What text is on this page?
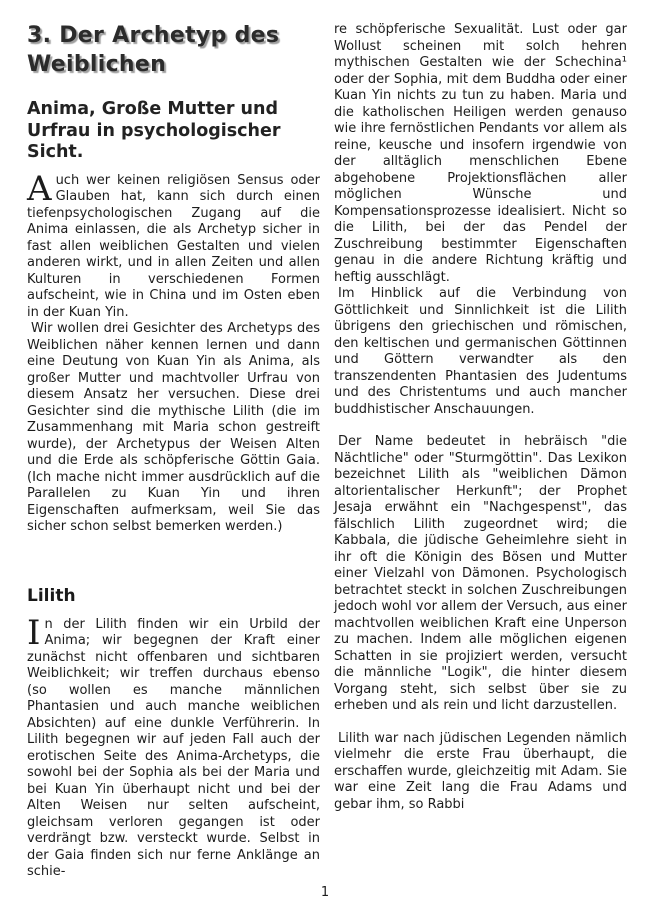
3. Der Archetyp des Weiblichen
Anima, Große Mutter und Urfrau in psychologischer Sicht.

Auch wer keinen religiösen Sensus oder Glauben hat, kann sich durch einen tiefenpsychologischen Zugang auf die Anima einlassen, die als Archetyp sicher in fast allen weiblichen Gestalten und vielen anderen wirkt, und in allen Zeiten und allen Kulturen in verschiedenen Formen aufscheint, wie in China und im Osten eben in der Kuan Yin.

Wir wollen drei Gesichter des Archetyps des Weiblichen näher kennen lernen und dann eine Deutung von Kuan Yin als Anima, als großer Mutter und machtvoller Urfrau von diesem Ansatz her versuchen. Diese drei Gesichter sind die mythische Lilith (die im Zusammenhang mit Maria schon gestreift wurde), der Archetypus der Weisen Alten und die Erde als schöpferische Göttin Gaia. (Ich mache nicht immer ausdrücklich auf die Parallelen zu Kuan Yin und ihren Eigenschaften aufmerksam, weil Sie das sicher schon selbst bemerken werden.)

Lilith

In der Lilith finden wir ein Urbild der Anima; wir begegnen der Kraft einer zunächst nicht offenbaren und sichtbaren Weiblichkeit; wir treffen durchaus ebenso (so wollen es manche männlichen Phantasien und auch manche weiblichen Absichten) auf eine dunkle Verführerin. In Lilith begegnen wir auf jeden Fall auch der erotischen Seite des Anima-Archetyps, die sowohl bei der Sophia als bei der Maria und bei Kuan Yin überhaupt nicht und bei der Alten Weisen nur selten aufscheint, gleichsam verloren gegangen ist oder verdrängt bzw. versteckt wurde. Selbst in der Gaia finden sich nur ferne Anklänge an schie-

re schöpferische Sexualität. Lust oder gar Wollust scheinen mit solch hehren mythischen Gestalten wie der Schechina¹ oder der Sophia, mit dem Buddha oder einer Kuan Yin nichts zu tun zu haben. Maria und die katholischen Heiligen werden genauso wie ihre fernöstlichen Pendants vor allem als reine, keusche und insofern irgendwie von der alltäglich menschlichen Ebene abgehobene Projektionsflächen aller möglichen Wünsche und Kompensationsprozesse idealisiert. Nicht so die Lilith, bei der das Pendel der Zuschreibung bestimmter Eigenschaften genau in die andere Richtung kräftig und heftig ausschlägt.

Im Hinblick auf die Verbindung von Göttlichkeit und Sinnlichkeit ist die Lilith übrigens den griechischen und römischen, den keltischen und germanischen Göttinnen und Göttern verwandter als den transzendenten Phantasien des Judentums und des Christentums und auch mancher buddhistischer Anschauungen.

Der Name bedeutet in hebräisch "die Nächtliche" oder "Sturmgöttin". Das Lexikon bezeichnet Lilith als "weiblichen Dämon altorientalischer Herkunft"; der Prophet Jesaja erwähnt ein "Nachgespenst", das fälschlich Lilith zugeordnet wird; die Kabbala, die jüdische Geheimlehre sieht in ihr oft die Königin des Bösen und Mutter einer Vielzahl von Dämonen. Psychologisch betrachtet steckt in solchen Zuschreibungen jedoch wohl vor allem der Versuch, aus einer machtvollen weiblichen Kraft eine Unperson zu machen. Indem alle möglichen eigenen Schatten in sie projiziert werden, versucht die männliche "Logik", die hinter diesem Vorgang steht, sich selbst über sie zu erheben und als rein und licht darzustellen.

Lilith war nach jüdischen Legenden nämlich vielmehr die erste Frau überhaupt, die erschaffen wurde, gleichzeitig mit Adam. Sie war eine Zeit lang die Frau Adams und gebar ihm, so Rabbi

1
